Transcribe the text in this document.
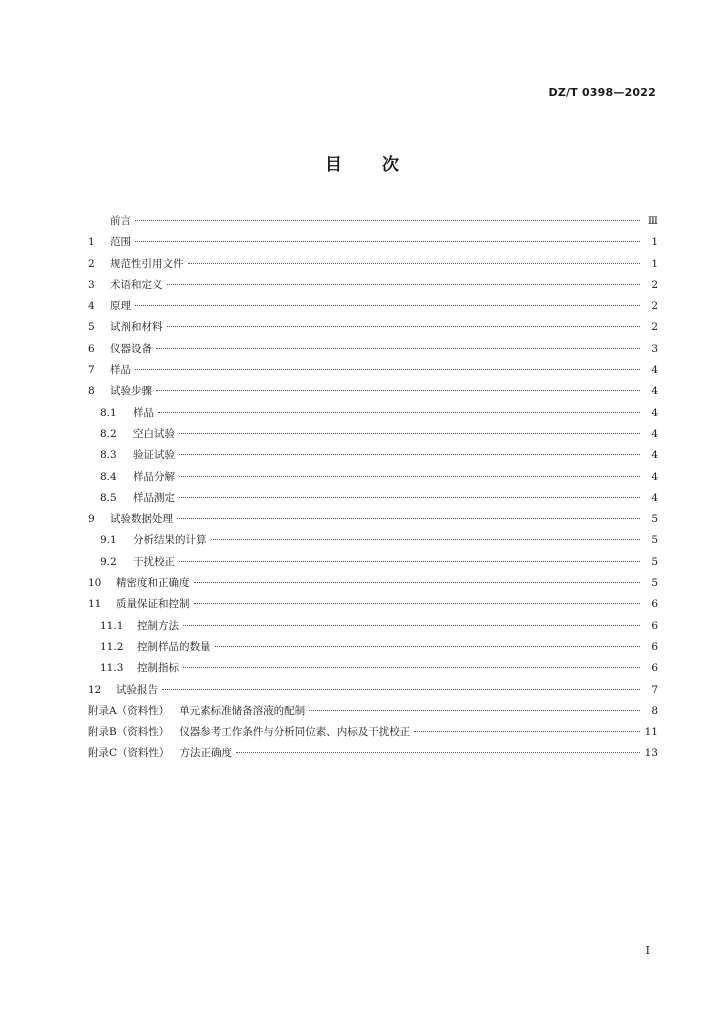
DZ/T 0398—2022
目 次
前言	Ⅲ
1	范围	1
2	规范性引用文件	1
3	术语和定义	2
4	原理	2
5	试剂和材料	2
6	仪器设备	3
7	样品	4
8	试验步骤	4
8.1	样品	4
8.2	空白试验	4
8.3	验证试验	4
8.4	样品分解	4
8.5	样品测定	4
9	试验数据处理	5
9.1	分析结果的计算	5
9.2	干扰校正	5
10	精密度和正确度	5
11	质量保证和控制	6
11.1	控制方法	6
11.2	控制样品的数量	6
11.3	控制指标	6
12	试验报告	7
附录A（资料性） 单元素标准储备溶液的配制	8
附录B（资料性） 仪器参考工作条件与分析同位素、内标及干扰校正	11
附录C（资料性） 方法正确度	13
I
